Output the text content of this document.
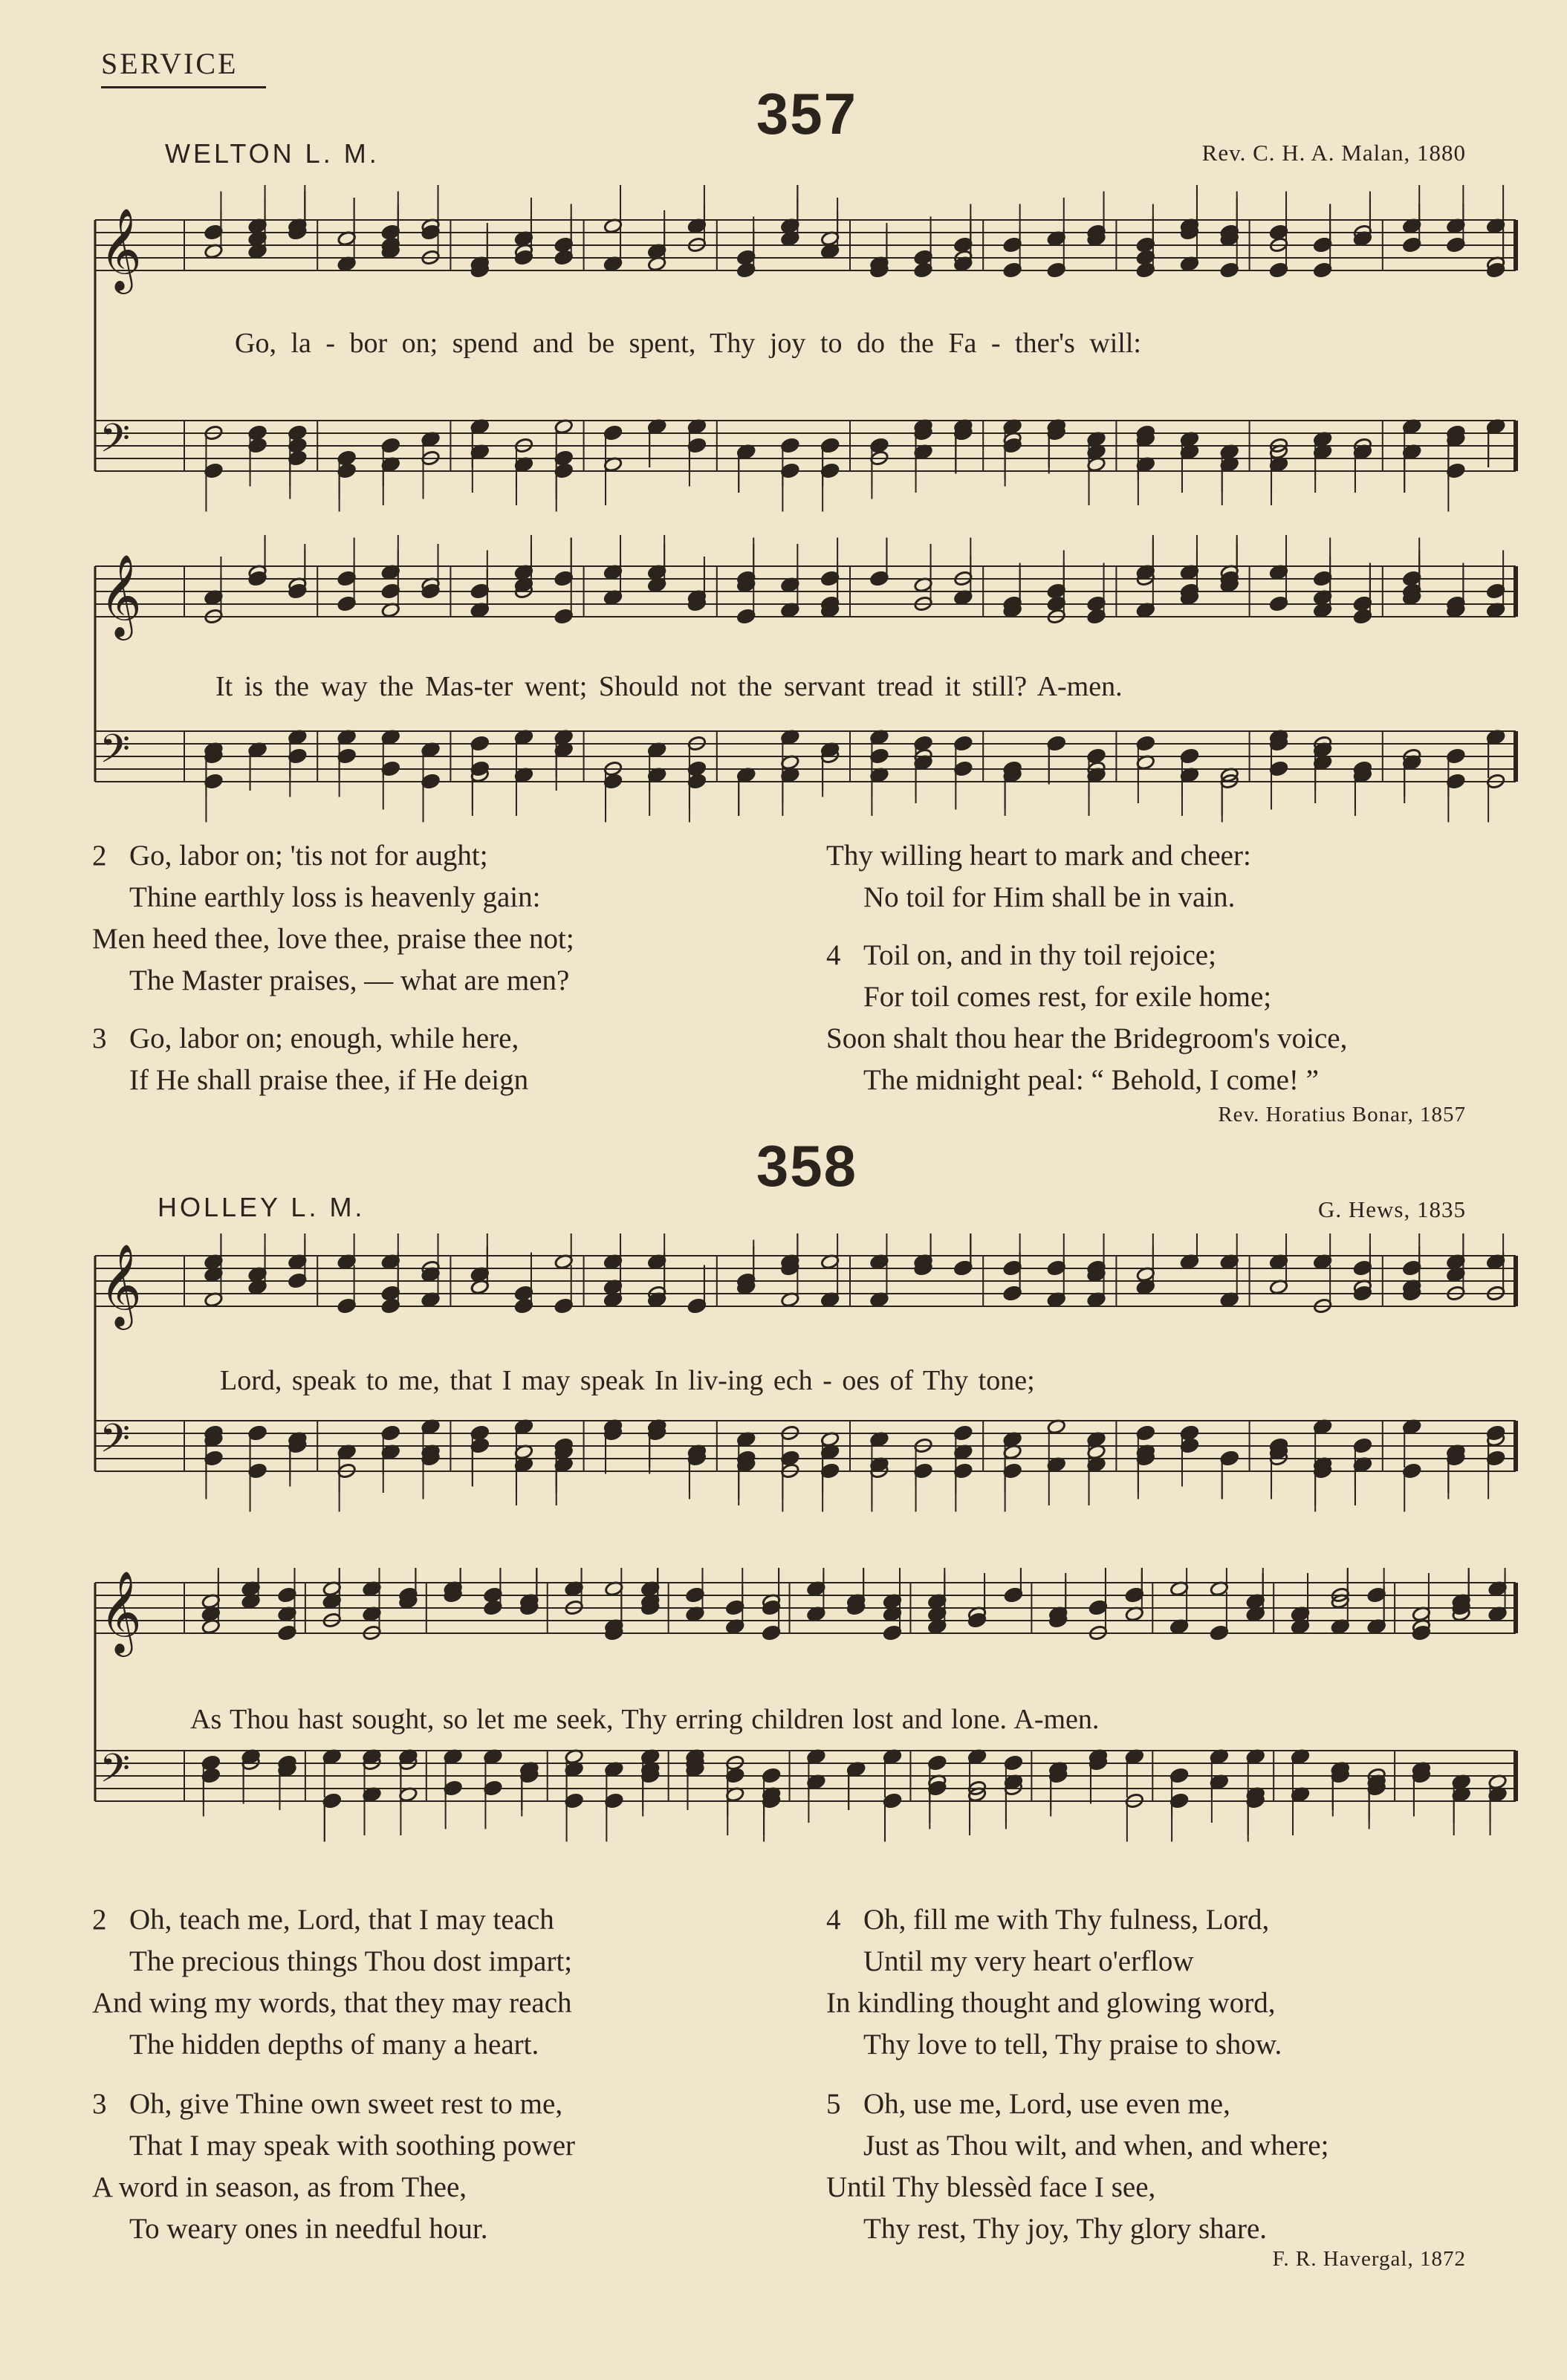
SERVICE
357
WELTON L. M.	Rev. C. H. A. Malan, 1880
𝄞
𝄢
Go, la - bor on; spend and be spent, Thy joy to do the Fa - ther's will:
𝄞
𝄢
It is the way the Mas-ter went; Should not the servant tread it still? A-men.
2 Go, labor on; 'tis not for aught;
Thine earthly loss is heavenly gain:
Men heed thee, love thee, praise thee not;
The Master praises, — what are men?
3 Go, labor on; enough, while here,
If He shall praise thee, if He deign
Thy willing heart to mark and cheer:
No toil for Him shall be in vain.
4 Toil on, and in thy toil rejoice;
For toil comes rest, for exile home;
Soon shalt thou hear the Bridegroom's voice,
The midnight peal: “ Behold, I come! ”
Rev. Horatius Bonar, 1857
358
HOLLEY L. M.	G. Hews, 1835
𝄞
𝄢
Lord, speak to me, that I may speak In liv-ing ech - oes of Thy tone;
𝄞
𝄢
As Thou hast sought, so let me seek, Thy erring children lost and lone. A-men.
2 Oh, teach me, Lord, that I may teach
The precious things Thou dost impart;
And wing my words, that they may reach
The hidden depths of many a heart.
3 Oh, give Thine own sweet rest to me,
That I may speak with soothing power
A word in season, as from Thee,
To weary ones in needful hour.
4 Oh, fill me with Thy fulness, Lord,
Until my very heart o'erflow
In kindling thought and glowing word,
Thy love to tell, Thy praise to show.
5 Oh, use me, Lord, use even me,
Just as Thou wilt, and when, and where;
Until Thy blessèd face I see,
Thy rest, Thy joy, Thy glory share.
F. R. Havergal, 1872
